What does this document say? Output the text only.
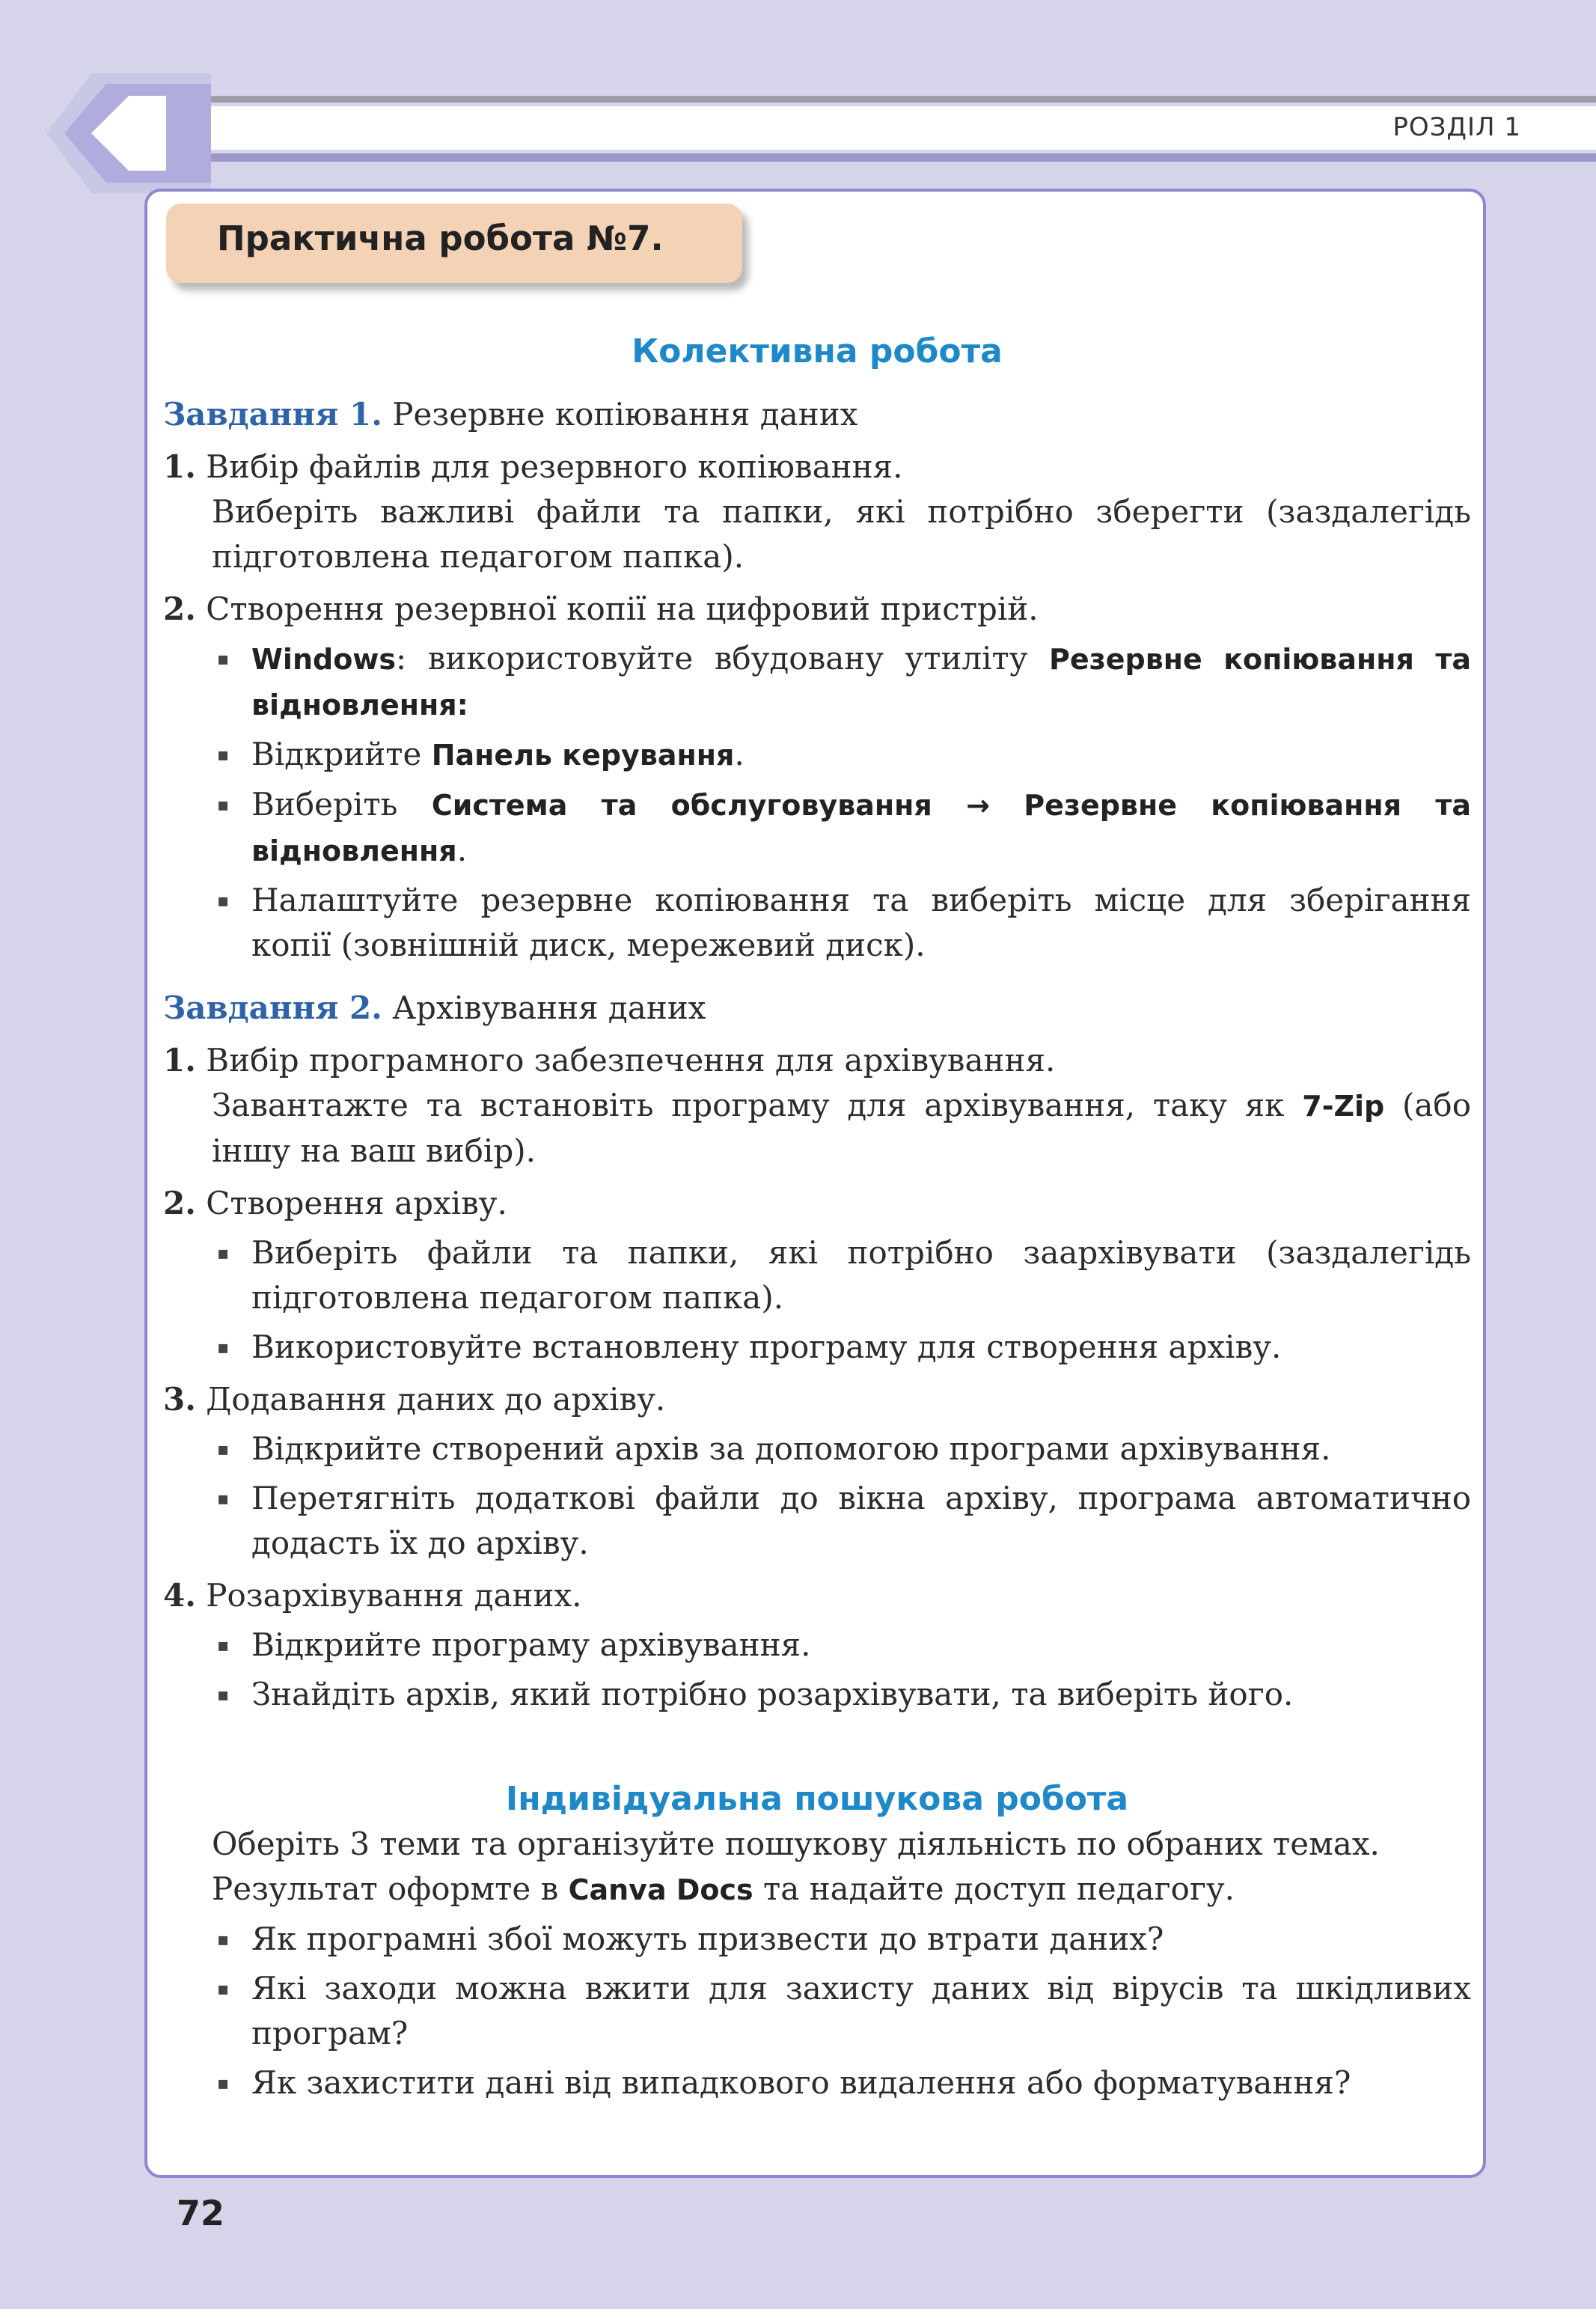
РОЗДІЛ 1
Практична робота №7.
Колективна робота
Завдання 1. Резервне копіювання даних
1. Вибір файлів для резервного копіювання.
Виберіть важливі файли та папки, які потрібно зберегти (заздалегідь підготовлена педагогом папка).
2. Створення резервної копії на цифровий пристрій.
▪ Windows: використовуйте вбудовану утиліту Резервне копіювання та відновлення:
▪ Відкрийте Панель керування.
▪ Виберіть Система та обслуговування → Резервне копіювання та відновлення.
▪ Налаштуйте резервне копіювання та виберіть місце для зберігання копії (зовнішній диск, мережевий диск).
Завдання 2. Архівування даних
1. Вибір програмного забезпечення для архівування.
Завантажте та встановіть програму для архівування, таку як 7-Zip (або іншу на ваш вибір).
2. Створення архіву.
▪ Виберіть файли та папки, які потрібно заархівувати (заздалегідь підготовлена педагогом папка).
▪ Використовуйте встановлену програму для створення архіву.
3. Додавання даних до архіву.
▪ Відкрийте створений архів за допомогою програми архівування.
▪ Перетягніть додаткові файли до вікна архіву, програма автоматично додасть їх до архіву.
4. Розархівування даних.
▪ Відкрийте програму архівування.
▪ Знайдіть архів, який потрібно розархівувати, та виберіть його.
Індивідуальна пошукова робота
Оберіть 3 теми та організуйте пошукову діяльність по обраних темах.
Результат оформте в Canva Docs та надайте доступ педагогу.
▪ Як програмні збої можуть призвести до втрати даних?
▪ Які заходи можна вжити для захисту даних від вірусів та шкідливих програм?
▪ Як захистити дані від випадкового видалення або форматування?
72
